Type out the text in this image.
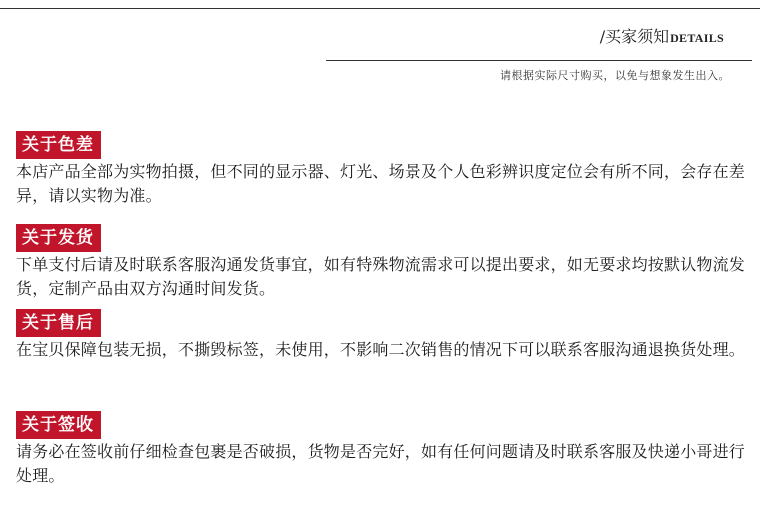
/买家须知DETAILS
请根据实际尺寸购买，以免与想象发生出入。
关于色差

本店产品全部为实物拍摄，但不同的显示器、灯光、场景及个人色彩辨识度定位会有所不同，会存在差异，请以实物为准。

关于发货

下单支付后请及时联系客服沟通发货事宜，如有特殊物流需求可以提出要求，如无要求均按默认物流发货，定制产品由双方沟通时间发货。

关于售后

在宝贝保障包装无损，不撕毁标签，未使用，不影响二次销售的情况下可以联系客服沟通退换货处理。

关于签收

请务必在签收前仔细检查包裹是否破损，货物是否完好，如有任何问题请及时联系客服及快递小哥进行处理。
